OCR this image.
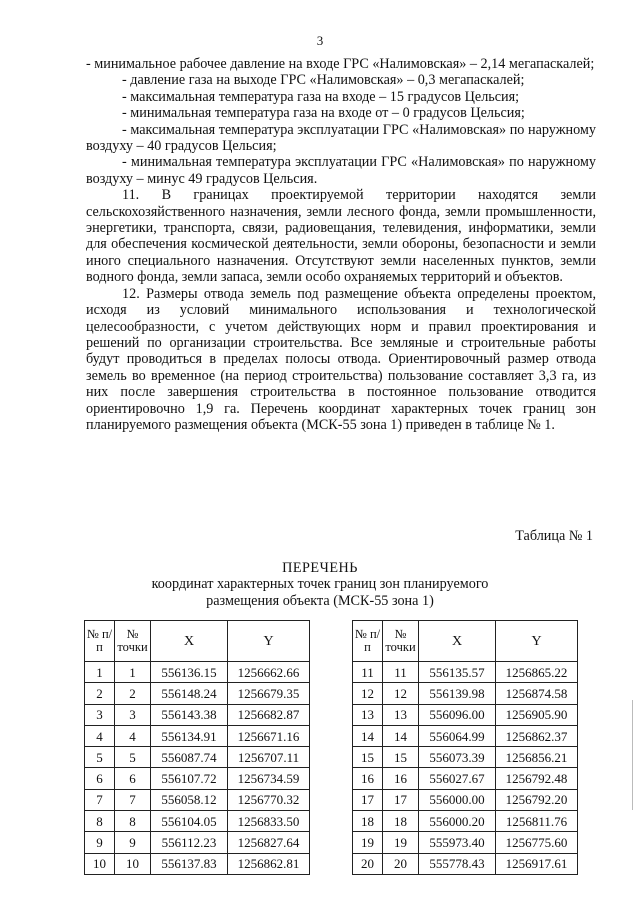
3

- минимальное рабочее давление на входе ГРС «Налимовская» – 2,14 мегапаскалей;

- давление газа на выходе ГРС «Налимовская» – 0,3 мегапаскалей;

- максимальная температура газа на входе – 15 градусов Цельсия;

- минимальная температура газа на входе от – 0 градусов Цельсия;

- максимальная температура эксплуатации ГРС «Налимовская» по наружному воздуху – 40 градусов Цельсия;

- минимальная температура эксплуатации ГРС «Налимовская» по наружному воздуху – минус 49 градусов Цельсия.

11. В границах проектируемой территории находятся земли сельскохозяйственного назначения, земли лесного фонда, земли промышленности, энергетики, транспорта, связи, радиовещания, телевидения, информатики, земли для обеспечения космической деятельности, земли обороны, безопасности и земли иного специального назначения. Отсутствуют земли населенных пунктов, земли водного фонда, земли запаса, земли особо охраняемых территорий и объектов.

12. Размеры отвода земель под размещение объекта определены проектом, исходя из условий минимального использования и технологической целесообразности, с учетом действующих норм и правил проектирования и решений по организации строительства. Все земляные и строительные работы будут проводиться в пределах полосы отвода. Ориентировочный размер отвода земель во временное (на период строительства) пользование составляет 3,3 га, из них после завершения строительства в постоянное пользование отводится ориентировочно 1,9 га. Перечень координат характерных точек границ зон планируемого размещения объекта (МСК-55 зона 1) приведен в таблице № 1.

Таблица № 1
ПЕРЕЧЕНЬ
координат характерных точек границ зон планируемого
размещения объекта (МСК-55 зона 1)
№ п/п	№ точки	X	Y
1	1	556136.15	1256662.66
2	2	556148.24	1256679.35
3	3	556143.38	1256682.87
4	4	556134.91	1256671.16
5	5	556087.74	1256707.11
6	6	556107.72	1256734.59
7	7	556058.12	1256770.32
8	8	556104.05	1256833.50
9	9	556112.23	1256827.64
10	10	556137.83	1256862.81
№ п/п	№ точки	X	Y
11	11	556135.57	1256865.22
12	12	556139.98	1256874.58
13	13	556096.00	1256905.90
14	14	556064.99	1256862.37
15	15	556073.39	1256856.21
16	16	556027.67	1256792.48
17	17	556000.00	1256792.20
18	18	556000.20	1256811.76
19	19	555973.40	1256775.60
20	20	555778.43	1256917.61
